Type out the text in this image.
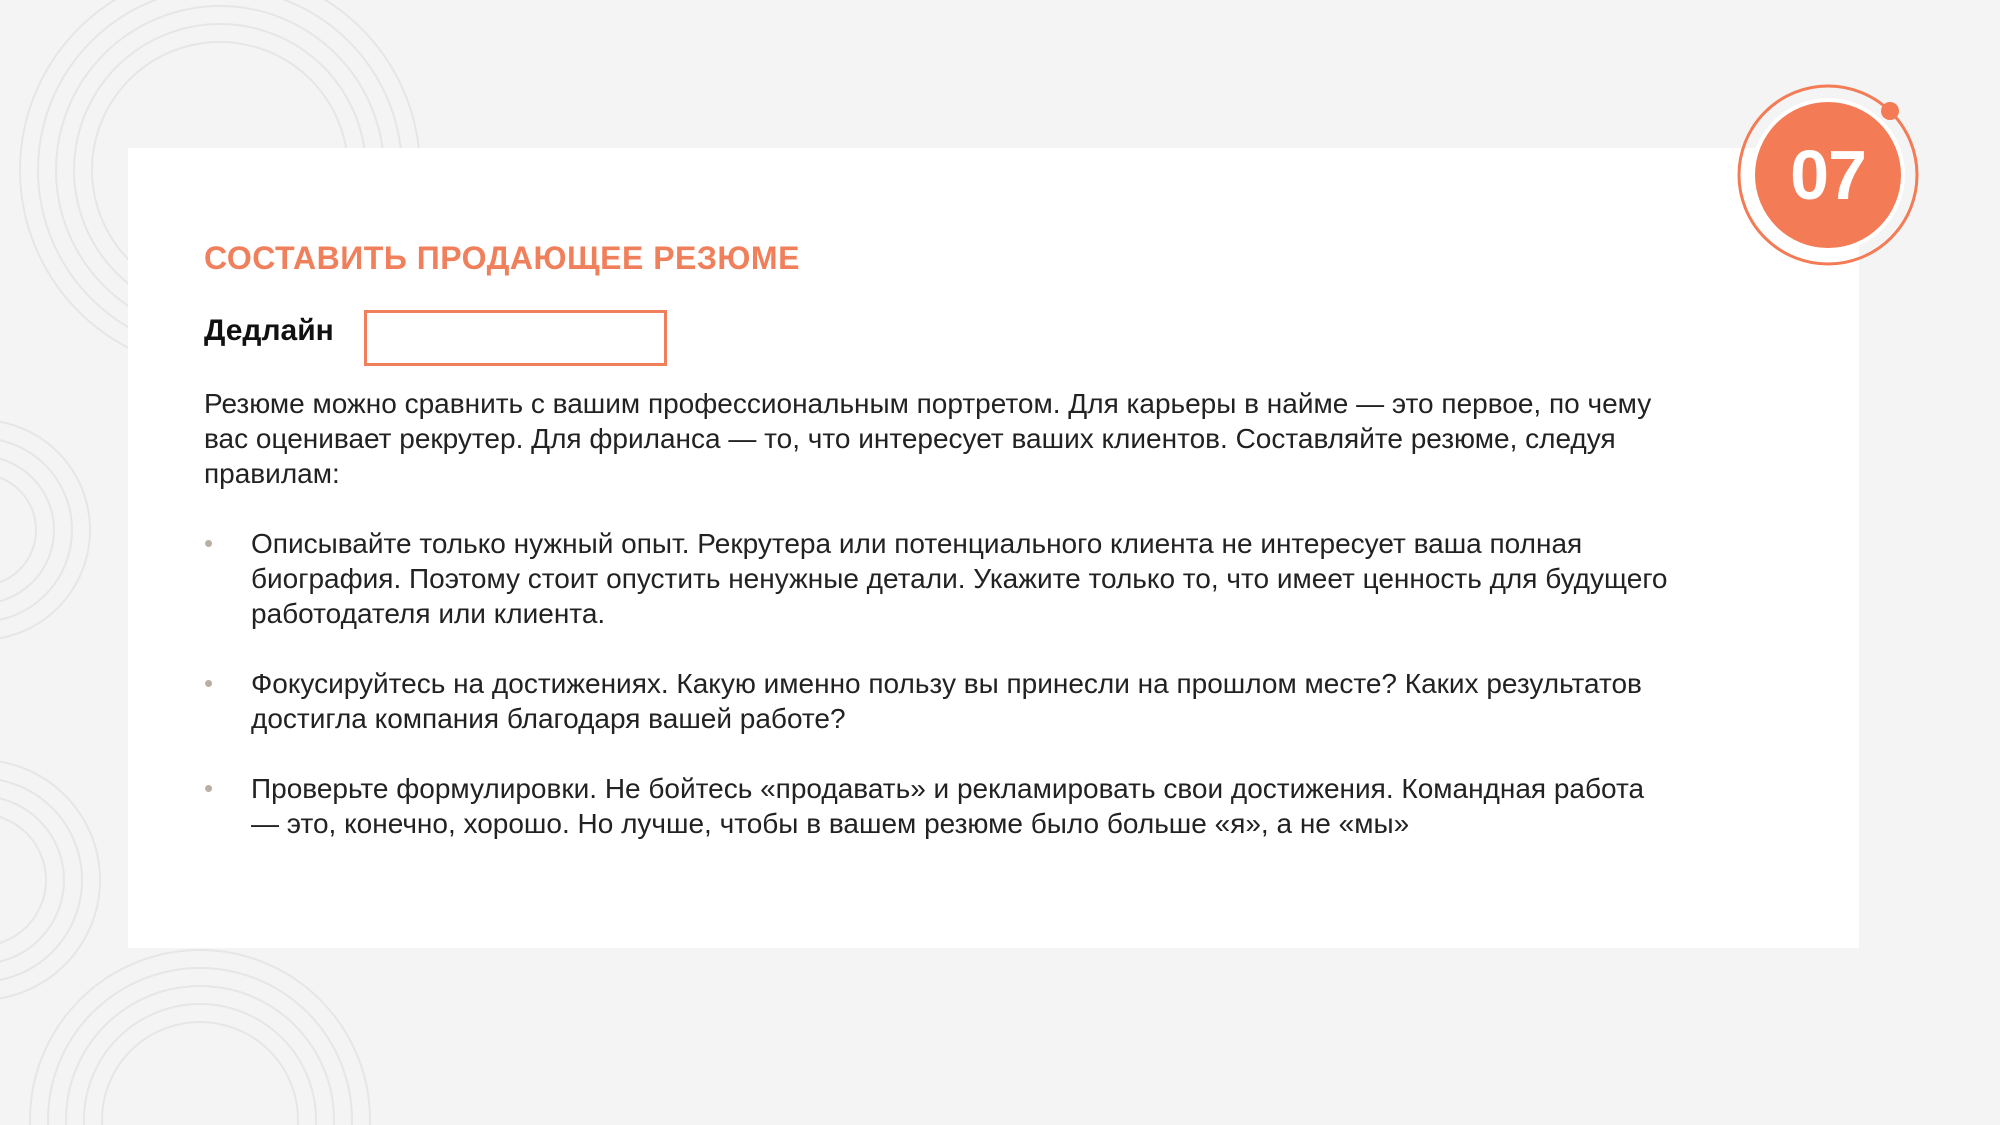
07
СОСТАВИТЬ ПРОДАЮЩЕЕ РЕЗЮМЕ
Дедлайн
Резюме можно сравнить с вашим профессиональным портретом. Для карьеры в найме — это первое, по чему вас оценивает рекрутер. Для фриланса — то, что интересует ваших клиентов. Составляйте резюме, следуя правилам:
• Описывайте только нужный опыт. Рекрутера или потенциального клиента не интересует ваша полная биография. Поэтому стоит опустить ненужные детали. Укажите только то, что имеет ценность для будущего работодателя или клиента.
• Фокусируйтесь на достижениях. Какую именно пользу вы принесли на прошлом месте? Каких результатов достигла компания благодаря вашей работе?
• Проверьте формулировки. Не бойтесь «продавать» и рекламировать свои достижения. Командная работа — это, конечно, хорошо. Но лучше, чтобы в вашем резюме было больше «я», а не «мы»
